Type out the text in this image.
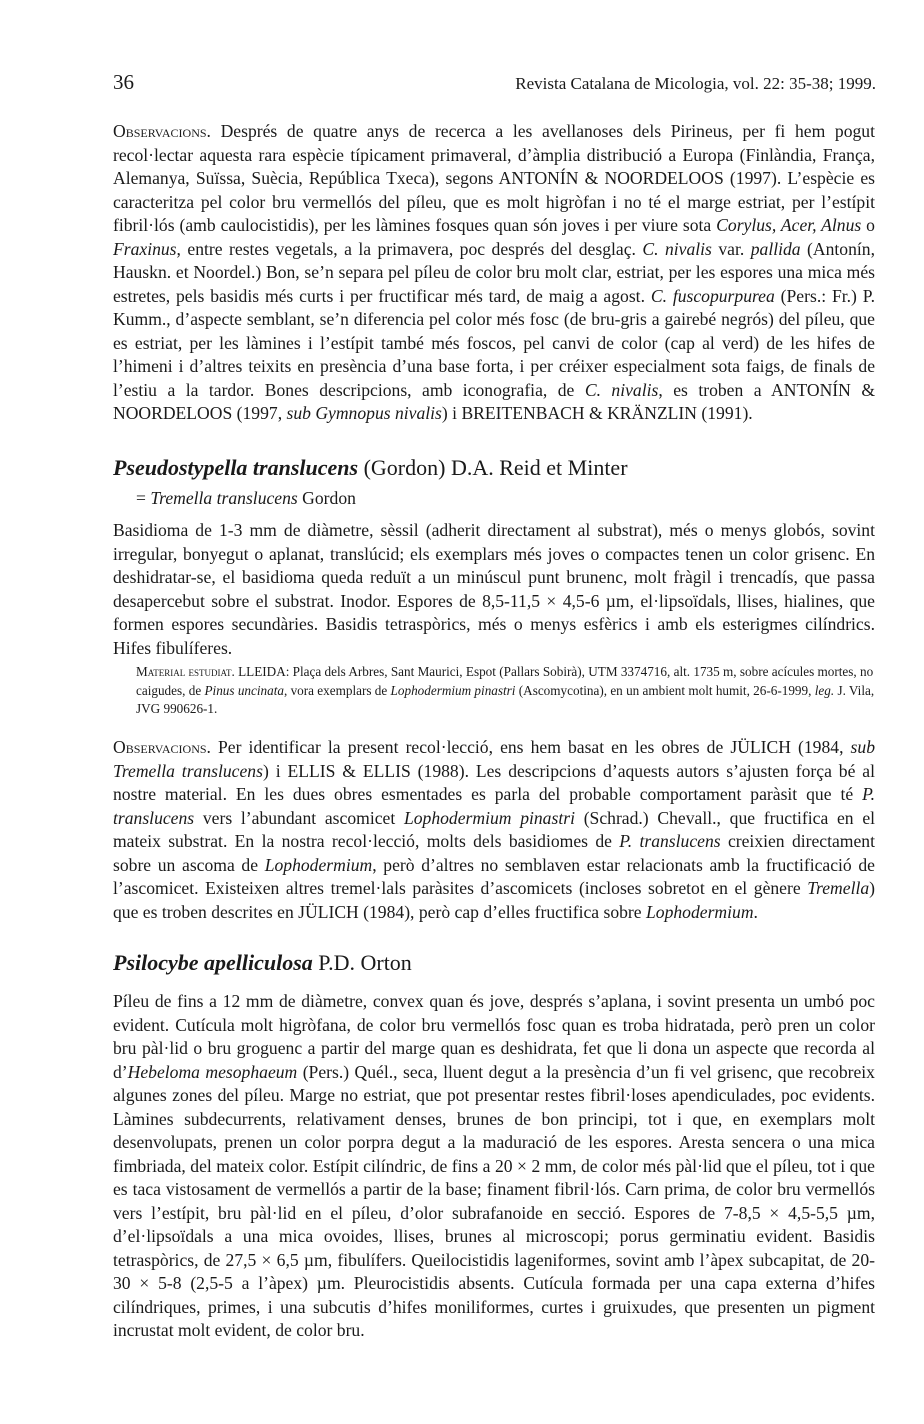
36	Revista Catalana de Micologia, vol. 22: 35-38; 1999.

Observacions. Després de quatre anys de recerca a les avellanoses dels Pirineus, per fi hem pogut recol·lectar aquesta rara espècie típicament primaveral, d’àmplia distribució a Europa (Finlàndia, França, Alemanya, Suïssa, Suècia, República Txeca), segons ANTONÍN & NOORDELOOS (1997). L’espècie es caracteritza pel color bru vermellós del píleu, que es molt higròfan i no té el marge estriat, per l’estípit fibril·lós (amb caulocistidis), per les làmines fosques quan són joves i per viure sota Corylus, Acer, Alnus o Fraxinus, entre restes vegetals, a la primavera, poc després del desglaç. C. nivalis var. pallida (Antonín, Hauskn. et Noordel.) Bon, se’n separa pel píleu de color bru molt clar, estriat, per les espores una mica més estretes, pels basidis més curts i per fructificar més tard, de maig a agost. C. fuscopurpurea (Pers.: Fr.) P. Kumm., d’aspecte semblant, se’n diferencia pel color més fosc (de bru-gris a gairebé negrós) del píleu, que es estriat, per les làmines i l’estípit també més foscos, pel canvi de color (cap al verd) de les hifes de l’himeni i d’altres teixits en presència d’una base forta, i per créixer especialment sota faigs, de finals de l’estiu a la tardor. Bones descripcions, amb iconografia, de C. nivalis, es troben a ANTONÍN & NOORDELOOS (1997, sub Gymnopus nivalis) i BREITENBACH & KRÄNZLIN (1991).

Pseudostypella translucens (Gordon) D.A. Reid et Minter
= Tremella translucens Gordon

Basidioma de 1-3 mm de diàmetre, sèssil (adherit directament al substrat), més o menys globós, sovint irregular, bonyegut o aplanat, translúcid; els exemplars més joves o compactes tenen un color grisenc. En deshidratar-se, el basidioma queda reduït a un minúscul punt brunenc, molt fràgil i trencadís, que passa desapercebut sobre el substrat. Inodor. Espores de 8,5-11,5 × 4,5-6 µm, el·lipsoïdals, llises, hialines, que formen espores secundàries. Basidis tetraspòrics, més o menys esfèrics i amb els esterigmes cilíndrics. Hifes fibulíferes.

Material estudiat. LLEIDA: Plaça dels Arbres, Sant Maurici, Espot (Pallars Sobirà), UTM 3374716, alt. 1735 m, sobre acícules mortes, no caigudes, de Pinus uncinata, vora exemplars de Lophodermium pinastri (Ascomycotina), en un ambient molt humit, 26-6-1999, leg. J. Vila, JVG 990626-1.

Observacions. Per identificar la present recol·lecció, ens hem basat en les obres de JÜLICH (1984, sub Tremella translucens) i ELLIS & ELLIS (1988). Les descripcions d’aquests autors s’ajusten força bé al nostre material. En les dues obres esmentades es parla del probable comportament paràsit que té P. translucens vers l’abundant ascomicet Lophodermium pinastri (Schrad.) Chevall., que fructifica en el mateix substrat. En la nostra recol·lecció, molts dels basidiomes de P. translucens creixien directament sobre un ascoma de Lophodermium, però d’altres no semblaven estar relacionats amb la fructificació de l’ascomicet. Existeixen altres tremel·lals paràsites d’ascomicets (incloses sobretot en el gènere Tremella) que es troben descrites en JÜLICH (1984), però cap d’elles fructifica sobre Lophodermium.

Psilocybe apelliculosa P.D. Orton

Píleu de fins a 12 mm de diàmetre, convex quan és jove, després s’aplana, i sovint presenta un umbó poc evident. Cutícula molt higròfana, de color bru vermellós fosc quan es troba hidratada, però pren un color bru pàl·lid o bru groguenc a partir del marge quan es deshidrata, fet que li dona un aspecte que recorda al d’Hebeloma mesophaeum (Pers.) Quél., seca, lluent degut a la presència d’un fi vel grisenc, que recobreix algunes zones del píleu. Marge no estriat, que pot presentar restes fibril·loses apendiculades, poc evidents. Làmines subdecurrents, relativament denses, brunes de bon principi, tot i que, en exemplars molt desenvolupats, prenen un color porpra degut a la maduració de les espores. Aresta sencera o una mica fimbriada, del mateix color. Estípit cilíndric, de fins a 20 × 2 mm, de color més pàl·lid que el píleu, tot i que es taca vistosament de vermellós a partir de la base; finament fibril·lós. Carn prima, de color bru vermellós vers l’estípit, bru pàl·lid en el píleu, d’olor subrafanoide en secció. Espores de 7-8,5 × 4,5-5,5 µm, d’el·lipsoïdals a una mica ovoides, llises, brunes al microscopi; porus germinatiu evident. Basidis tetraspòrics, de 27,5 × 6,5 µm, fibulífers. Queilocistidis lageniformes, sovint amb l’àpex subcapitat, de 20-30 × 5-8 (2,5-5 a l’àpex) µm. Pleurocistidis absents. Cutícula formada per una capa externa d’hifes cilíndriques, primes, i una subcutis d’hifes moniliformes, curtes i gruixudes, que presenten un pigment incrustat molt evident, de color bru.
